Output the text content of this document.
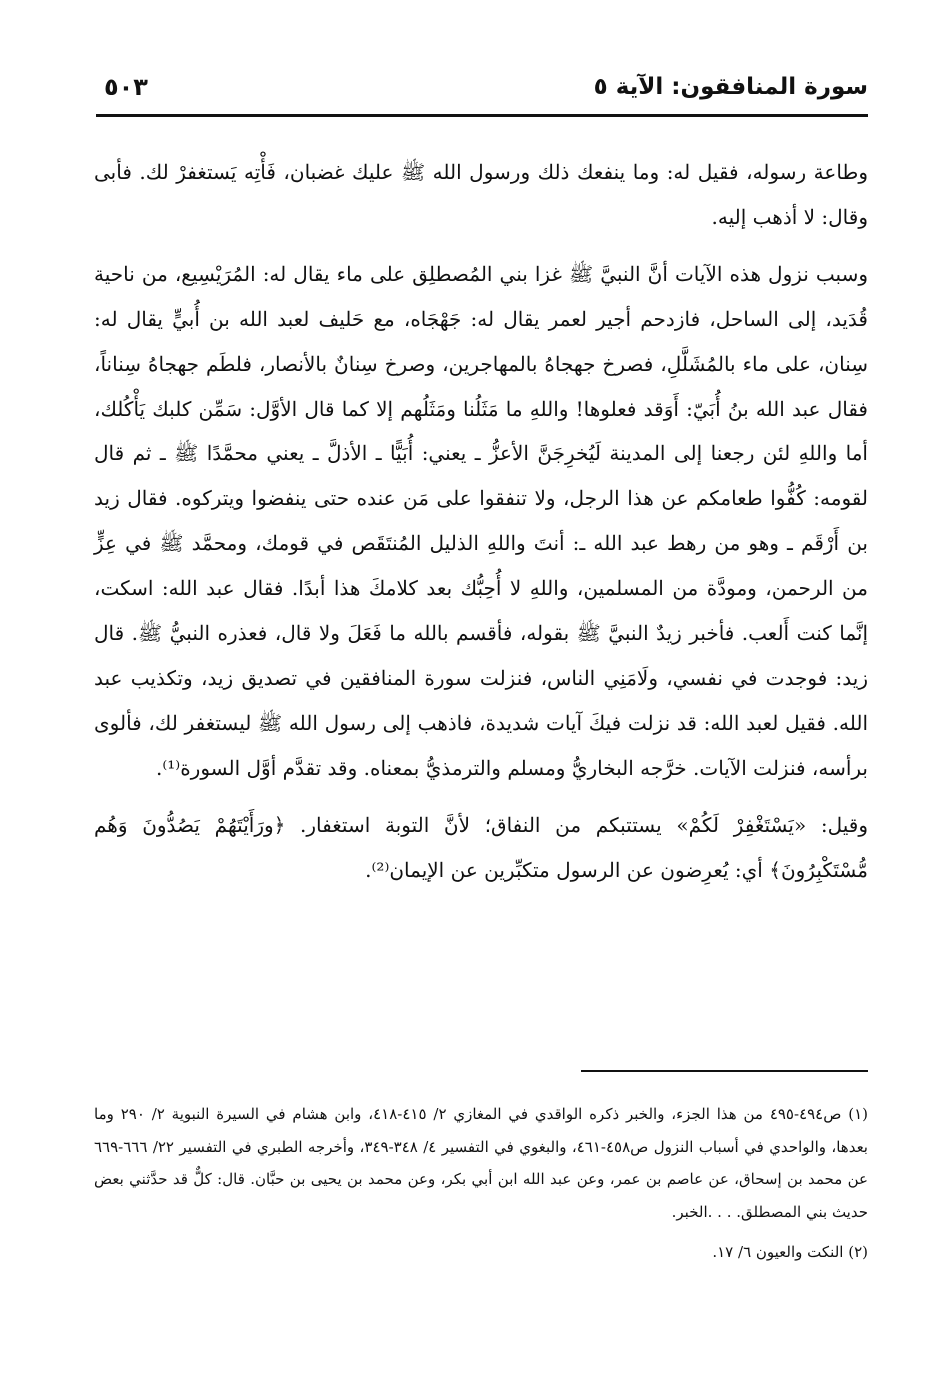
سورة المنافقون: الآية ٥
٥٠٣

وطاعة رسوله، فقيل له: وما ينفعك ذلك ورسول الله ﷺ عليك غضبان، فَأْتِه يَستغفرْ لك. فأبى وقال: لا أذهب إليه.

وسبب نزول هذه الآيات أنَّ النبيَّ ﷺ غزا بني المُصطلِق على ماء يقال له: المُرَيْسِيع، من ناحية قُدَيد، إلى الساحل، فازدحم أجير لعمر يقال له: جَهْجَاه، مع حَليف لعبد الله بن أُبيٍّ يقال له: سِنان، على ماء بالمُشَلَّلِ، فصرخ جهجاهُ بالمهاجرين، وصرخ سِنانٌ بالأنصار، فلطَم جهجاهُ سِناناً، فقال عبد الله بنُ أُبَيّ: أَوَقد فعلوها! واللهِ ما مَثَلُنا ومَثَلُهم إلا كما قال الأوَّل: سَمِّن كلبك يَأْكُلك، أما واللهِ لئن رجعنا إلى المدينة لَيُخرِجَنَّ الأعزُّ ـ يعني: أُبَيًّا ـ الأذلَّ ـ يعني محمَّدًا ﷺ ـ ثم قال لقومه: كُفُّوا طعامكم عن هذا الرجل، ولا تنفقوا على مَن عنده حتى ينفضوا ويتركوه. فقال زيد بن أَرْقَم ـ وهو من رهط عبد الله ـ: أنتَ واللهِ الذليل المُنتَقَص في قومك، ومحمَّد ﷺ في عِزٍّ من الرحمن، ومودَّة من المسلمين، واللهِ لا أُحِبُّك بعد كلامكَ هذا أبدًا. فقال عبد الله: اسكت، إنَّما كنت أَلعب. فأخبر زيدٌ النبيَّ ﷺ بقوله، فأقسم بالله ما فَعَلَ ولا قال، فعذره النبيُّ ﷺ. قال زيد: فوجدت في نفسي، ولَامَنِي الناس، فنزلت سورة المنافقين في تصديق زيد، وتكذيب عبد الله. فقيل لعبد الله: قد نزلت فيكَ آيات شديدة، فاذهب إلى رسول الله ﷺ ليستغفر لك، فألوى برأسه، فنزلت الآيات. خرَّجه البخاريُّ ومسلم والترمذيُّ بمعناه. وقد تقدَّم أوَّل السورة⁽¹⁾.

وقيل: «يَسْتَغْفِرْ لَكُمْ» يستتبكم من النفاق؛ لأنَّ التوبة استغفار. ﴿ورَأَيْتَهُمْ يَصُدُّونَ وَهُم مُّسْتَكْبِرُونَ﴾ أي: يُعرِضون عن الرسول متكبِّرين عن الإيمان⁽²⁾.

(١) ص٤٩٤-٤٩٥ من هذا الجزء، والخبر ذكره الواقدي في المغازي ٢/ ٤١٥-٤١٨، وابن هشام في السيرة النبوية ٢/ ٢٩٠ وما بعدها، والواحدي في أسباب النزول ص٤٥٨-٤٦١، والبغوي في التفسير ٤/ ٣٤٨-٣٤٩، وأخرجه الطبري في التفسير ٢٢/ ٦٦٦-٦٦٩ عن محمد بن إسحاق، عن عاصم بن عمر، وعن عبد الله ابن أبي بكر، وعن محمد بن يحيى بن حبَّان. قال: كلٌّ قد حدَّثني بعض حديث بني المصطلق. . . .الخبر.

(٢) النكت والعيون ٦/ ١٧.
